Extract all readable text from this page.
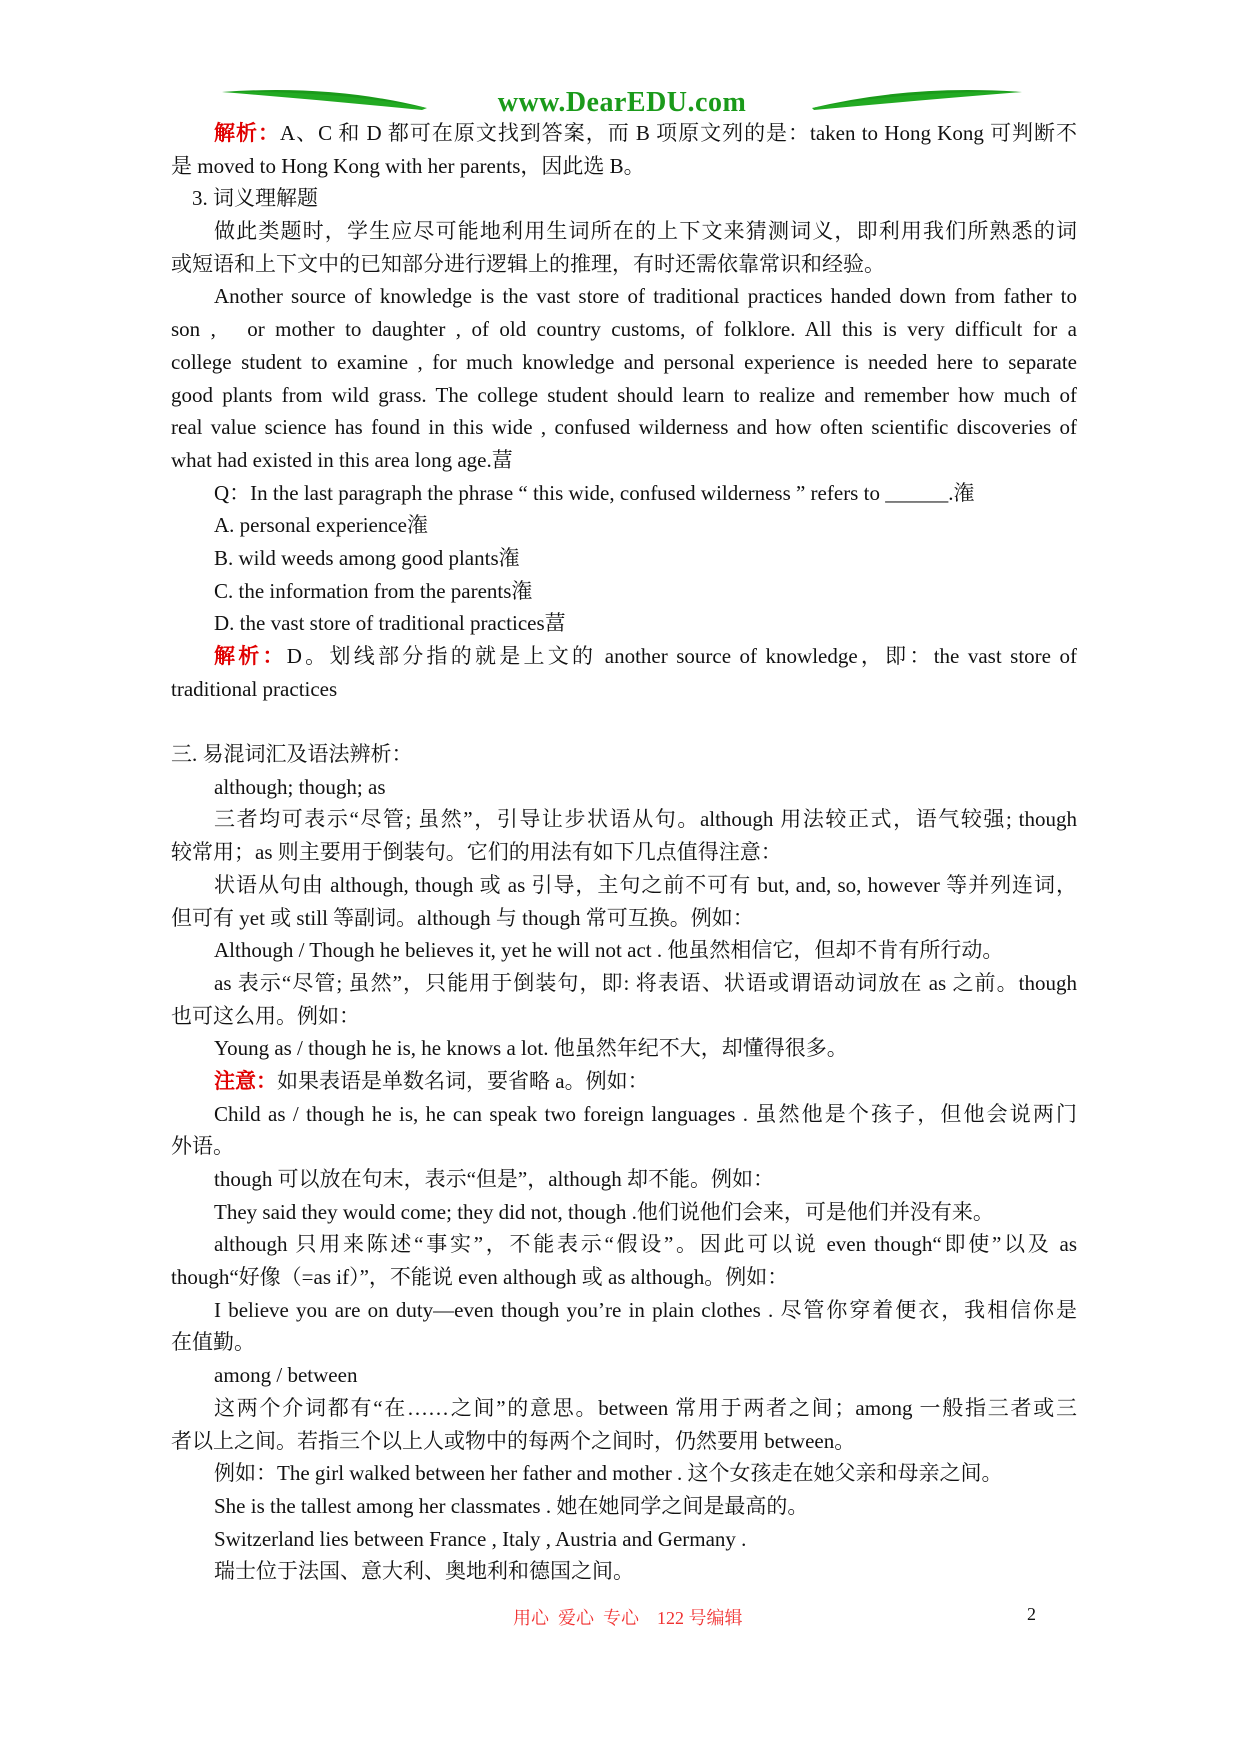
www.DearEDU.com
解析：A、C 和 D 都可在原文找到答案，而 B 项原文列的是：taken to Hong Kong 可判断不
是 moved to Hong Kong with her parents，因此选 B。
3. 词义理解题
做此类题时，学生应尽可能地利用生词所在的上下文来猜测词义，即利用我们所熟悉的词
或短语和上下文中的已知部分进行逻辑上的推理，有时还需依靠常识和经验。
Another source of knowledge is the vast store of traditional practices handed down from father to
son ,   or mother to daughter , of old country customs, of folklore. All this is very difficult for a
college student to examine , for much knowledge and personal experience is needed here to separate
good plants from wild grass. The college student should learn to realize and remember how much of
real value science has found in this wide , confused wilderness and how often scientific discoveries of
what had existed in this area long age.葍
Q：In the last paragraph the phrase “ this wide, confused wilderness ” refers to ______.潅
A. personal experience潅
B. wild weeds among good plants潅
C. the information from the parents潅
D. the vast store of traditional practices葍
解析：D。划线部分指的就是上文的 another source of knowledge，即：the vast store of
traditional practices
三. 易混词汇及语法辨析：
although; though; as
三者均可表示“尽管; 虽然”，引导让步状语从句。although 用法较正式，语气较强; though
较常用；as 则主要用于倒装句。它们的用法有如下几点值得注意：
状语从句由 although, though 或 as 引导，主句之前不可有 but, and, so, however 等并列连词，
但可有 yet 或 still 等副词。although 与 though 常可互换。例如：
Although / Though he believes it, yet he will not act . 他虽然相信它，但却不肯有所行动。
as 表示“尽管; 虽然”，只能用于倒装句，即: 将表语、状语或谓语动词放在 as 之前。though
也可这么用。例如：
Young as / though he is, he knows a lot. 他虽然年纪不大，却懂得很多。
注意：如果表语是单数名词，要省略 a。例如：
Child as / though he is, he can speak two foreign languages . 虽然他是个孩子，但他会说两门
外语。
though 可以放在句末，表示“但是”，although 却不能。例如：
They said they would come; they did not, though .他们说他们会来，可是他们并没有来。
although 只用来陈述“事实”，不能表示“假设”。因此可以说 even though“即使”以及 as
though“好像（=as if）”，不能说 even although 或 as although。例如：
I believe you are on duty—even though you’re in plain clothes . 尽管你穿着便衣，我相信你是
在值勤。
among / between
这两个介词都有“在……之间”的意思。between 常用于两者之间；among 一般指三者或三
者以上之间。若指三个以上人或物中的每两个之间时，仍然要用 between。
例如：The girl walked between her father and mother . 这个女孩走在她父亲和母亲之间。
She is the tallest among her classmates . 她在她同学之间是最高的。
Switzerland lies between France , Italy , Austria and Germany .
瑞士位于法国、意大利、奥地利和德国之间。
用心  爱心  专心    122 号编辑	2
